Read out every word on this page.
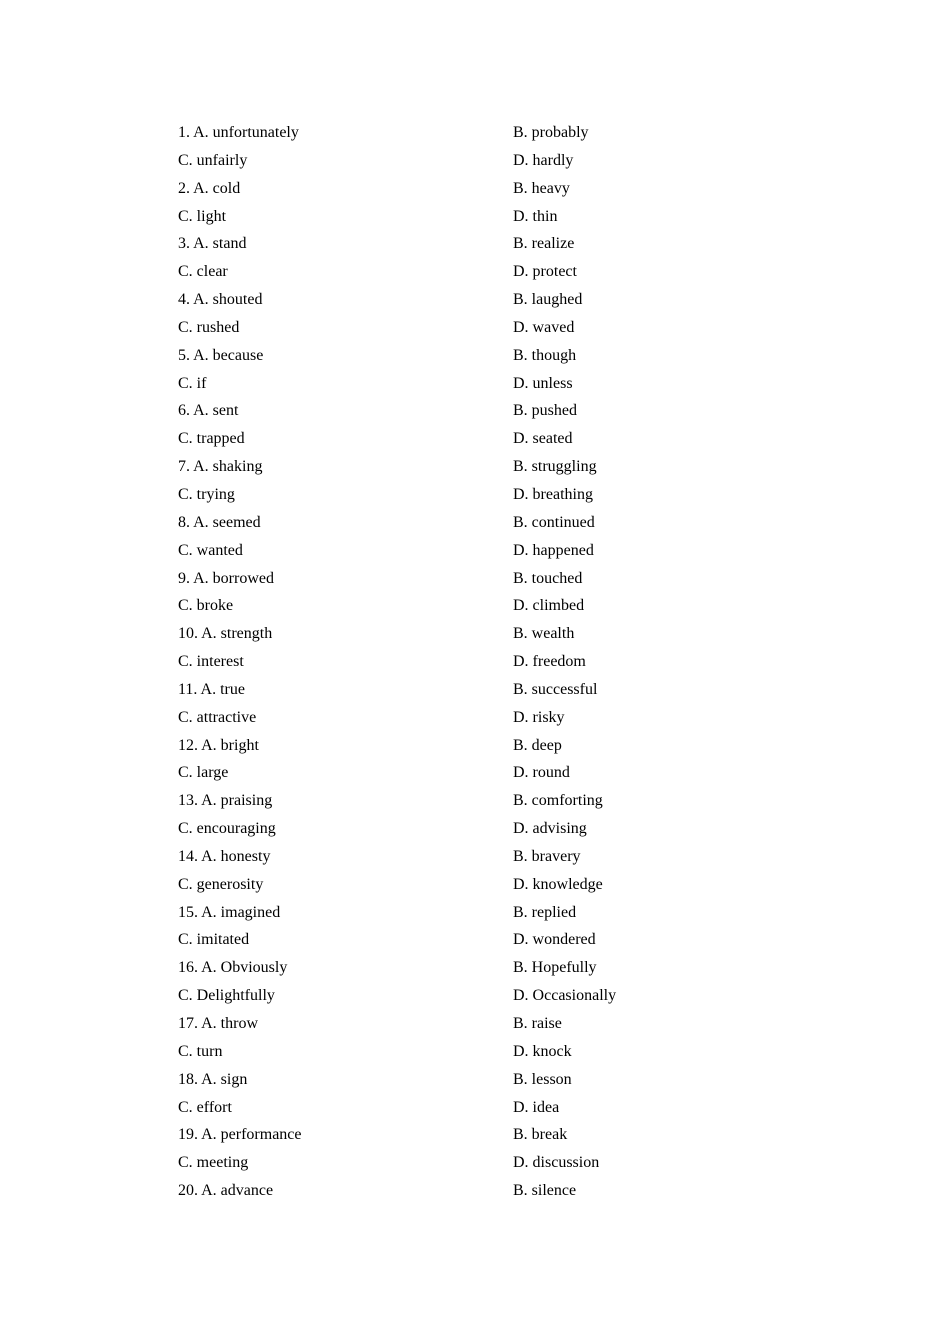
1. A. unfortunately	B. probably
C. unfairly	D. hardly
2. A. cold	B. heavy
C. light	D. thin
3. A. stand	B. realize
C. clear	D. protect
4. A. shouted	B. laughed
C. rushed	D. waved
5. A. because	B. though
C. if	D. unless
6. A. sent	B. pushed
C. trapped	D. seated
7. A. shaking	B. struggling
C. trying	D. breathing
8. A. seemed	B. continued
C. wanted	D. happened
9. A. borrowed	B. touched
C. broke	D. climbed
10. A. strength	B. wealth
C. interest	D. freedom
11. A. true	B. successful
C. attractive	D. risky
12. A. bright	B. deep
C. large	D. round
13. A. praising	B. comforting
C. encouraging	D. advising
14. A. honesty	B. bravery
C. generosity	D. knowledge
15. A. imagined	B. replied
C. imitated	D. wondered
16. A. Obviously	B. Hopefully
C. Delightfully	D. Occasionally
17. A. throw	B. raise
C. turn	D. knock
18. A. sign	B. lesson
C. effort	D. idea
19. A. performance	B. break
C. meeting	D. discussion
20. A. advance	B. silence
